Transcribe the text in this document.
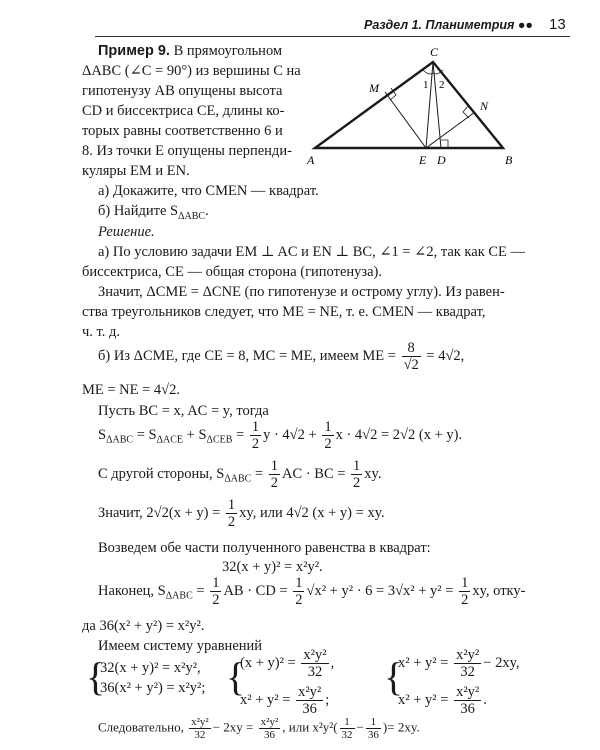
Раздел 1. Планиметрия ●● 13
Пример 9. В прямоугольном
ΔABC (∠C = 90°) из вершины C на
гипотенузу AB опущены высота
CD и биссектриса CE, длины ко-
торых равны соответственно 6 и
8. Из точки E опущены перпенди-
куляры EM и EN.
а) Докажите, что CMEN — квадрат.
б) Найдите $S_{\Delta ABC}$.
C
M
N
A	E D	B
1 2
Решение.
а) По условию задачи EM ⊥ AC и EN ⊥ BC, ∠1 = ∠2, так как CE —
биссектриса, CE — общая сторона (гипотенуза).
Значит, ΔCME = ΔCNE (по гипотенузе и острому углу). Из равен-
ства треугольников следует, что ME = NE, т. е. CMEN — квадрат,
ч. т. д.
б) Из ΔCME, где CE = 8, MC = ME, имеем ME = $\frac{8}{√2} = 4√2$,
ME = NE = 4√2.
Пусть BC = x, AC = y, тогда
$S_{\Delta ABC} = S_{\Delta ACE} + S_{\Delta CEB} = \frac{1}{2}$ $y \cdot 4√2 + \frac{1}{2}$ x · 4√2 = 2√2 (x + y).
С другой стороны, $S_{\Delta ABC} = \frac{1}{2}$ AC · BC = $\frac{1}{2}$ xy.
Значит, $2√2(x + y) = \frac{1}{2}$ xy, или 4√2 (x + y) = xy.
Возведем обе части полученного равенства в квадрат:
32(x + y)² = x²y².
Наконец, $S_{\Delta ABC} = \frac{1}{2}$ AB · CD = $\frac{1}{2} √x^2 + y^2 \cdot 6 = 3√x^2 + y^2 = \frac{1}{2}$ xy, отку-
да 36(x² + y²) = x²y².
Имеем систему уравнений
{
32(x + y)² = x²y²,
36(x² + y²) = x²y²; {
$(x + y)^2 = \frac{\text{x²y²}}{32}$ ,
$x^2 + y^2 = \frac{\text{x²y²}}{36}$ ;
{
$x^2 + y^2 = \frac{\text{x²y²}}{32} - 2xy$,
$x^2 + y^2 = \frac{\text{x²y²}}{36}$ .
Следовательно, $\frac{\text{x²y²}}{32} - 2xy = \frac{\text{x²y²}}{36}$ , или $x^2y^2( \frac{1}{32} - \frac{1}{36}$ )= 2xy.
